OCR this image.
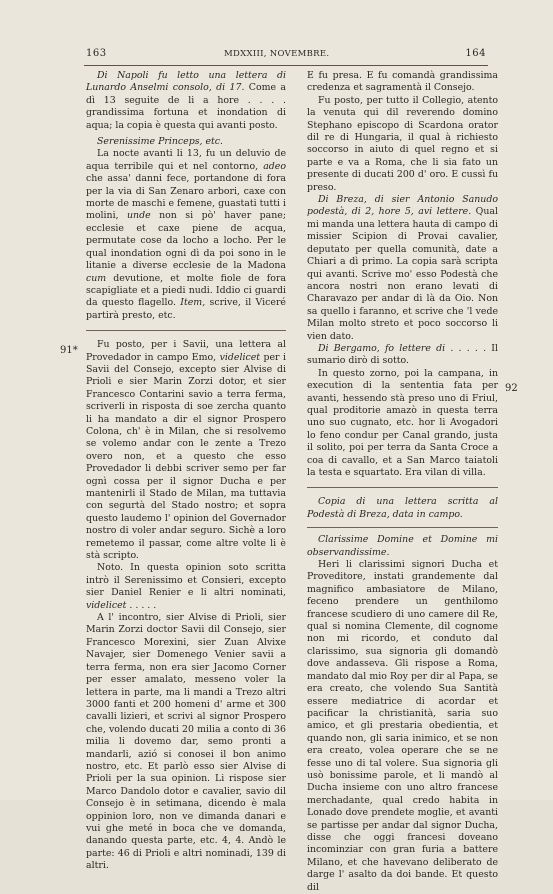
163	MDXXIII, NOVEMBRE.	164
91*
92

Di Napoli fu letto una lettera di Lunardo Anselmi consolo, di 17. Come a dì 13 seguite de li a hore . . . . grandissima fortuna et inondation di aqua; la copia è questa qui avanti posto.

Serenissime Princeps, etc.

La nocte avanti li 13, fu un deluvio de aqua terribile qui et nel contorno, adeo che assa' danni fece, portandone di fora per la via di San Zenaro arbori, caxe con morte de maschi e femene, guastati tutti i molini, unde non si pò' haver pane; ecclesie et caxe piene de acqua, permutate cose da locho a locho. Per le qual inondation ogni dì da poi sono in le litanie a diverse ecclesie de la Madona cum devutione, et molte fiole de fora scapigliate et a piedi nudi. Iddio ci guardi da questo flagello. Item, scrive, il Viceré partirà presto, etc.

Fu posto, per i Savii, una lettera al Provedador in campo Emo, videlicet per i Savii del Consejo, excepto sier Alvise di Prioli e sier Marin Zorzi dotor, et sier Francesco Contarini savio a terra ferma, scriverli in risposta di soe zercha quanto li ha mandato a dir el signor Prospero Colona, ch' è in Milan, che si resolvemo se volemo andar con le zente a Trezo overo non, et a questo che esso Provedador li debbi scriver semo per far ognì cossa per il signor Ducha e per mantenirli il Stado de Milan, ma tuttavia con segurtà del Stado nostro; et sopra questo laudemo l' opinion del Governador nostro di voler andar seguro. Sichè a loro remetemo il passar, come altre volte li è stà scripto.

Noto. In questa opinion soto scritta intrò il Serenissimo et Consieri, excepto sier Daniel Renier e li altri nominati, videlicet . . . . .

A l' incontro, sier Alvise di Prioli, sier Marin Zorzi doctor Savii dil Consejo, sier Francesco Morexini, sier Zuan Alvixe Navajer, sier Domenego Venier savii a terra ferma, non era sier Jacomo Corner per esser amalato, messeno voler la lettera in parte, ma li mandi a Trezo altri 3000 fanti et 200 homeni d' arme et 300 cavalli lizieri, et scrivi al signor Prospero che, volendo ducati 20 milia a conto di 36 milia li dovemo dar, semo pronti a mandarli, azió si conosei il bon animo nostro, etc. Et parlò esso sier Alvise di Prioli per la sua opinion. Li rispose sier Marco Dandolo dotor e cavalier, savio dil Consejo è in setimana, dicendo è mala oppinion loro, non ve dimanda danari e vui ghe meté in boca che ve domanda, danando questa parte, etc. 4, 4. Andò le parte: 46 di Prioli e altri nominadi, 139 di altri.

E fu presa. E fu comandà grandissima credenza et sagramentà il Consejo.

Fu posto, per tutto il Collegio, atento la venuta qui dil reverendo domino Stephano episcopo di Scardona orator dil re di Hungaria, il qual à richiesto soccorso in aiuto di quel regno et si parte e va a Roma, che li sia fato un presente di ducati 200 d' oro. E cussì fu preso.

Di Breza, di sier Antonio Sanudo podestà, di 2, hore 5, avi lettere. Qual mi manda una lettera hauta di campo di missier Scipion di Provai cavalier, deputato per quella comunità, date a Chiari a dì primo. La copia sarà scripta qui avanti. Scrive mo' esso Podestà che ancora nostri non erano levati di Charavazo per andar di là da Oio. Non sa quello i faranno, et scrive che 'l vede Milan molto streto et poco soccorso li vien dato.

Di Bergamo, fo lettere di . . . . . Il sumario dirò di sotto.

In questo zorno, poi la campana, in execution di la sententia fata per avanti, hessendo stà preso uno di Friul, qual proditorie amazò in questa terra uno suo cugnato, etc. hor li Avogadori lo feno condur per Canal grando, justa il solito, poi per terra da Santa Croce a coa di cavallo, et a San Marco taiatoli la testa e squartato. Era vilan di villa.

Copia di una lettera scritta al Podestà di Breza, data in campo.

Clarissime Domine et Domine mi observandissime.

Heri li clarissimi signori Ducha et Proveditore, instati grandemente dal magnifico ambasiatore de Milano, feceno prendere un genthilomo francese scudiero di uno camere dil Re, qual si nomina Clemente, dil cognome non mi ricordo, et conduto dal clarissimo, sua signoria gli domandò dove andasseva. Gli rispose a Roma, mandato dal mio Roy per dir al Papa, se era creato, che volendo Sua Santità essere mediatrice di acordar et pacificar la christianità, saria suo amico, et gli prestaria obedientia, et quando non, gli saria inimico, et se non era creato, volea operare che se ne fesse uno di tal volere. Sua signoria gli usò bonissime parole, et li mandò al Ducha insieme con uno altro francese merchadante, qual credo habita in Lonado dove prendete moglie, et avanti se partisse per andar dal signor Ducha, disse che oggi francesi doveano incominziar con gran furia a battere Milano, et che havevano deliberato de darge l' asalto da doi bande. Et questo dil
